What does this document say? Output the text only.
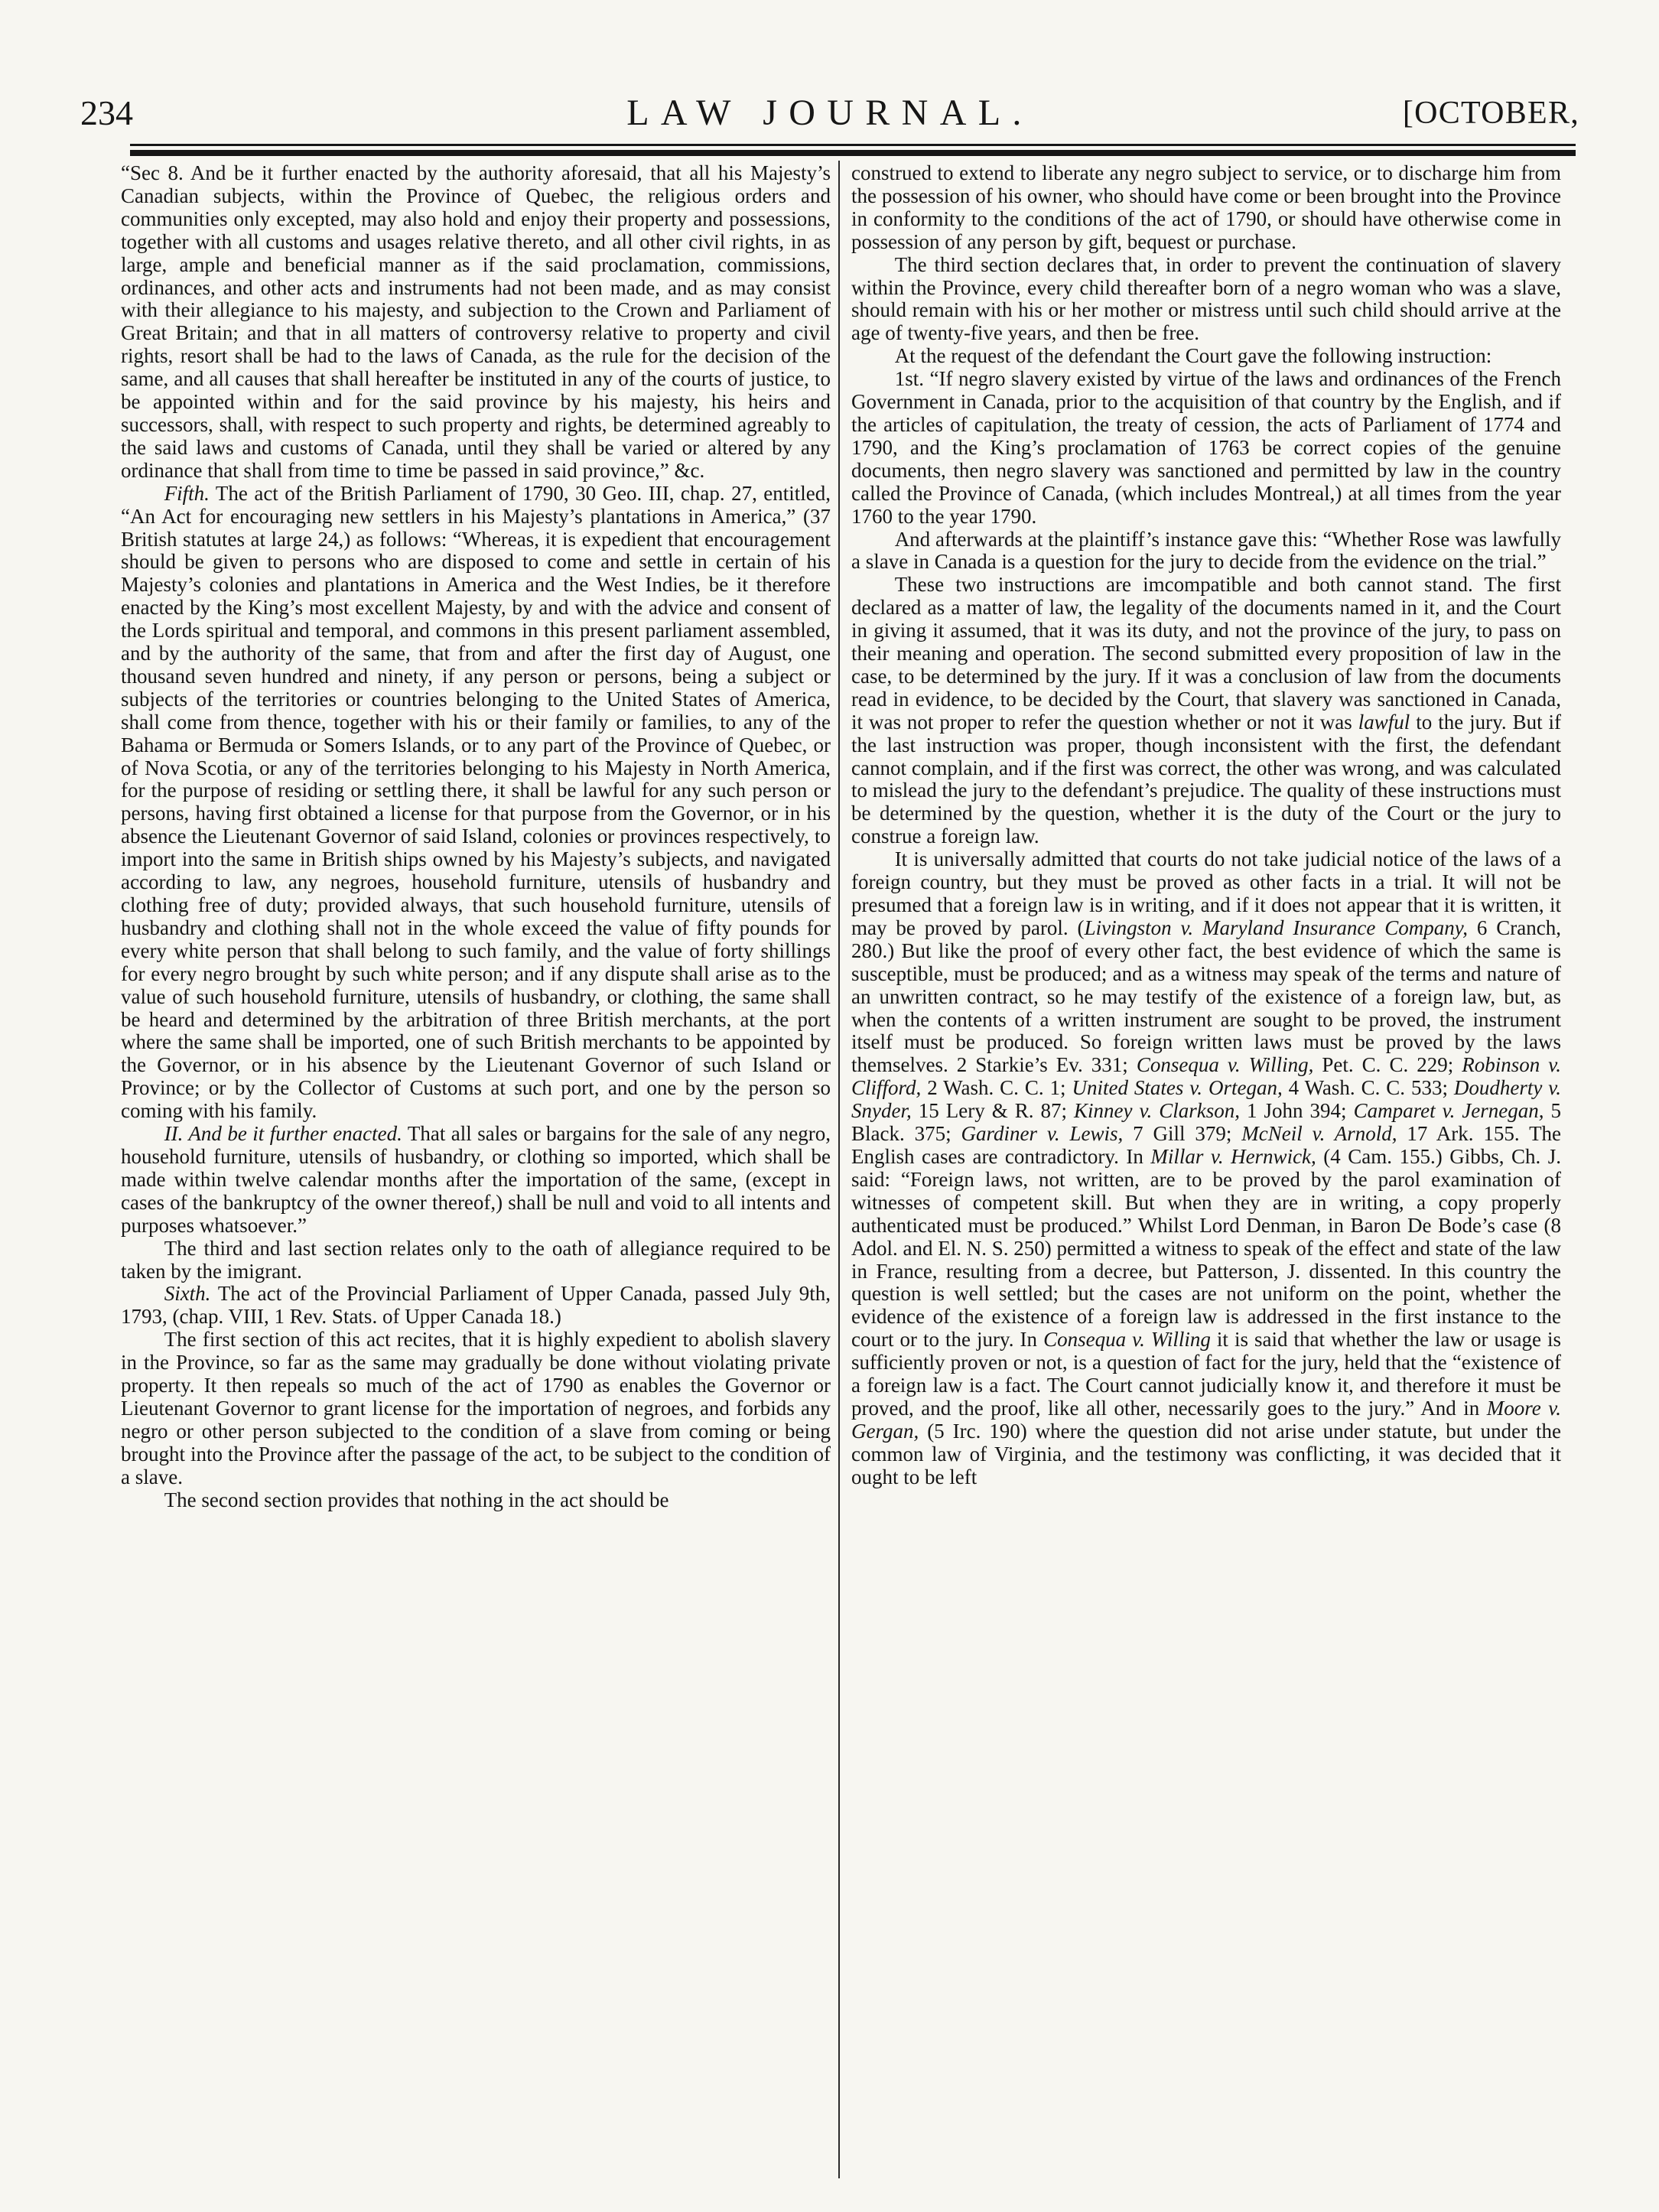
234	LAW JOURNAL.	[OCTOBER,

“Sec 8. And be it further enacted by the authority aforesaid, that all his Majesty’s Canadian subjects, within the Province of Quebec, the religious orders and communities only excepted, may also hold and enjoy their property and possessions, together with all customs and usages relative thereto, and all other civil rights, in as large, ample and beneficial manner as if the said proclamation, commissions, ordinances, and other acts and instruments had not been made, and as may consist with their allegiance to his majesty, and subjection to the Crown and Parliament of Great Britain; and that in all matters of controversy relative to property and civil rights, resort shall be had to the laws of Canada, as the rule for the decision of the same, and all causes that shall hereafter be instituted in any of the courts of justice, to be appointed within and for the said province by his majesty, his heirs and successors, shall, with respect to such property and rights, be determined agreably to the said laws and customs of Canada, until they shall be varied or altered by any ordinance that shall from time to time be passed in said province,” &c.

Fifth. The act of the British Parliament of 1790, 30 Geo. III, chap. 27, entitled, “An Act for encouraging new settlers in his Majesty’s plantations in America,” (37 British statutes at large 24,) as follows: “Whereas, it is expedient that encouragement should be given to persons who are disposed to come and settle in certain of his Majesty’s colonies and plantations in America and the West Indies, be it therefore enacted by the King’s most excellent Majesty, by and with the advice and consent of the Lords spiritual and temporal, and commons in this present parliament assembled, and by the authority of the same, that from and after the first day of August, one thousand seven hundred and ninety, if any person or persons, being a subject or subjects of the territories or countries belonging to the United States of America, shall come from thence, together with his or their family or families, to any of the Bahama or Bermuda or Somers Islands, or to any part of the Province of Quebec, or of Nova Scotia, or any of the territories belonging to his Majesty in North America, for the purpose of residing or settling there, it shall be lawful for any such person or persons, having first obtained a license for that purpose from the Governor, or in his absence the Lieutenant Governor of said Island, colonies or provinces respectively, to import into the same in British ships owned by his Majesty’s subjects, and navigated according to law, any negroes, household furniture, utensils of husbandry and clothing free of duty; provided always, that such household furniture, utensils of husbandry and clothing shall not in the whole exceed the value of fifty pounds for every white person that shall belong to such family, and the value of forty shillings for every negro brought by such white person; and if any dispute shall arise as to the value of such household furniture, utensils of husbandry, or clothing, the same shall be heard and determined by the arbitration of three British merchants, at the port where the same shall be imported, one of such British merchants to be appointed by the Governor, or in his absence by the Lieutenant Governor of such Island or Province; or by the Collector of Customs at such port, and one by the person so coming with his family.

II. And be it further enacted. That all sales or bargains for the sale of any negro, household furniture, utensils of husbandry, or clothing so imported, which shall be made within twelve calendar months after the importation of the same, (except in cases of the bankruptcy of the owner thereof,) shall be null and void to all intents and purposes whatsoever.”

The third and last section relates only to the oath of allegiance required to be taken by the imigrant.

Sixth. The act of the Provincial Parliament of Upper Canada, passed July 9th, 1793, (chap. VIII, 1 Rev. Stats. of Upper Canada 18.)

The first section of this act recites, that it is highly expedient to abolish slavery in the Province, so far as the same may gradually be done without violating private property. It then repeals so much of the act of 1790 as enables the Governor or Lieutenant Governor to grant license for the importation of negroes, and forbids any negro or other person subjected to the condition of a slave from coming or being brought into the Province after the passage of the act, to be subject to the condition of a slave.

The second section provides that nothing in the act should be

construed to extend to liberate any negro subject to service, or to discharge him from the possession of his owner, who should have come or been brought into the Province in conformity to the conditions of the act of 1790, or should have otherwise come in possession of any person by gift, bequest or purchase.

The third section declares that, in order to prevent the continuation of slavery within the Province, every child thereafter born of a negro woman who was a slave, should remain with his or her mother or mistress until such child should arrive at the age of twenty-five years, and then be free.

At the request of the defendant the Court gave the following instruction:

1st. “If negro slavery existed by virtue of the laws and ordinances of the French Government in Canada, prior to the acquisition of that country by the English, and if the articles of capitulation, the treaty of cession, the acts of Parliament of 1774 and 1790, and the King’s proclamation of 1763 be correct copies of the genuine documents, then negro slavery was sanctioned and permitted by law in the country called the Province of Canada, (which includes Montreal,) at all times from the year 1760 to the year 1790.

And afterwards at the plaintiff’s instance gave this: “Whether Rose was lawfully a slave in Canada is a question for the jury to decide from the evidence on the trial.”

These two instructions are imcompatible and both cannot stand. The first declared as a matter of law, the legality of the documents named in it, and the Court in giving it assumed, that it was its duty, and not the province of the jury, to pass on their meaning and operation. The second submitted every proposition of law in the case, to be determined by the jury. If it was a conclusion of law from the documents read in evidence, to be decided by the Court, that slavery was sanctioned in Canada, it was not proper to refer the question whether or not it was lawful to the jury. But if the last instruction was proper, though inconsistent with the first, the defendant cannot complain, and if the first was correct, the other was wrong, and was calculated to mislead the jury to the defendant’s prejudice. The quality of these instructions must be determined by the question, whether it is the duty of the Court or the jury to construe a foreign law.

It is universally admitted that courts do not take judicial notice of the laws of a foreign country, but they must be proved as other facts in a trial. It will not be presumed that a foreign law is in writing, and if it does not appear that it is written, it may be proved by parol. (Livingston v. Maryland Insurance Company, 6 Cranch, 280.) But like the proof of every other fact, the best evidence of which the same is susceptible, must be produced; and as a witness may speak of the terms and nature of an unwritten contract, so he may testify of the existence of a foreign law, but, as when the contents of a written instrument are sought to be proved, the instrument itself must be produced. So foreign written laws must be proved by the laws themselves. 2 Starkie’s Ev. 331; Consequa v. Willing, Pet. C. C. 229; Robinson v. Clifford, 2 Wash. C. C. 1; United States v. Ortegan, 4 Wash. C. C. 533; Doudherty v. Snyder, 15 Lery & R. 87; Kinney v. Clarkson, 1 John 394; Camparet v. Jernegan, 5 Black. 375; Gardiner v. Lewis, 7 Gill 379; McNeil v. Arnold, 17 Ark. 155. The English cases are contradictory. In Millar v. Hernwick, (4 Cam. 155.) Gibbs, Ch. J. said: “Foreign laws, not written, are to be proved by the parol examination of witnesses of competent skill. But when they are in writing, a copy properly authenticated must be produced.” Whilst Lord Denman, in Baron De Bode’s case (8 Adol. and El. N. S. 250) permitted a witness to speak of the effect and state of the law in France, resulting from a decree, but Patterson, J. dissented. In this country the question is well settled; but the cases are not uniform on the point, whether the evidence of the existence of a foreign law is addressed in the first instance to the court or to the jury. In Consequa v. Willing it is said that whether the law or usage is sufficiently proven or not, is a question of fact for the jury, held that the “existence of a foreign law is a fact. The Court cannot judicially know it, and therefore it must be proved, and the proof, like all other, necessarily goes to the jury.” And in Moore v. Gergan, (5 Irc. 190) where the question did not arise under statute, but under the common law of Virginia, and the testimony was conflicting, it was decided that it ought to be left
